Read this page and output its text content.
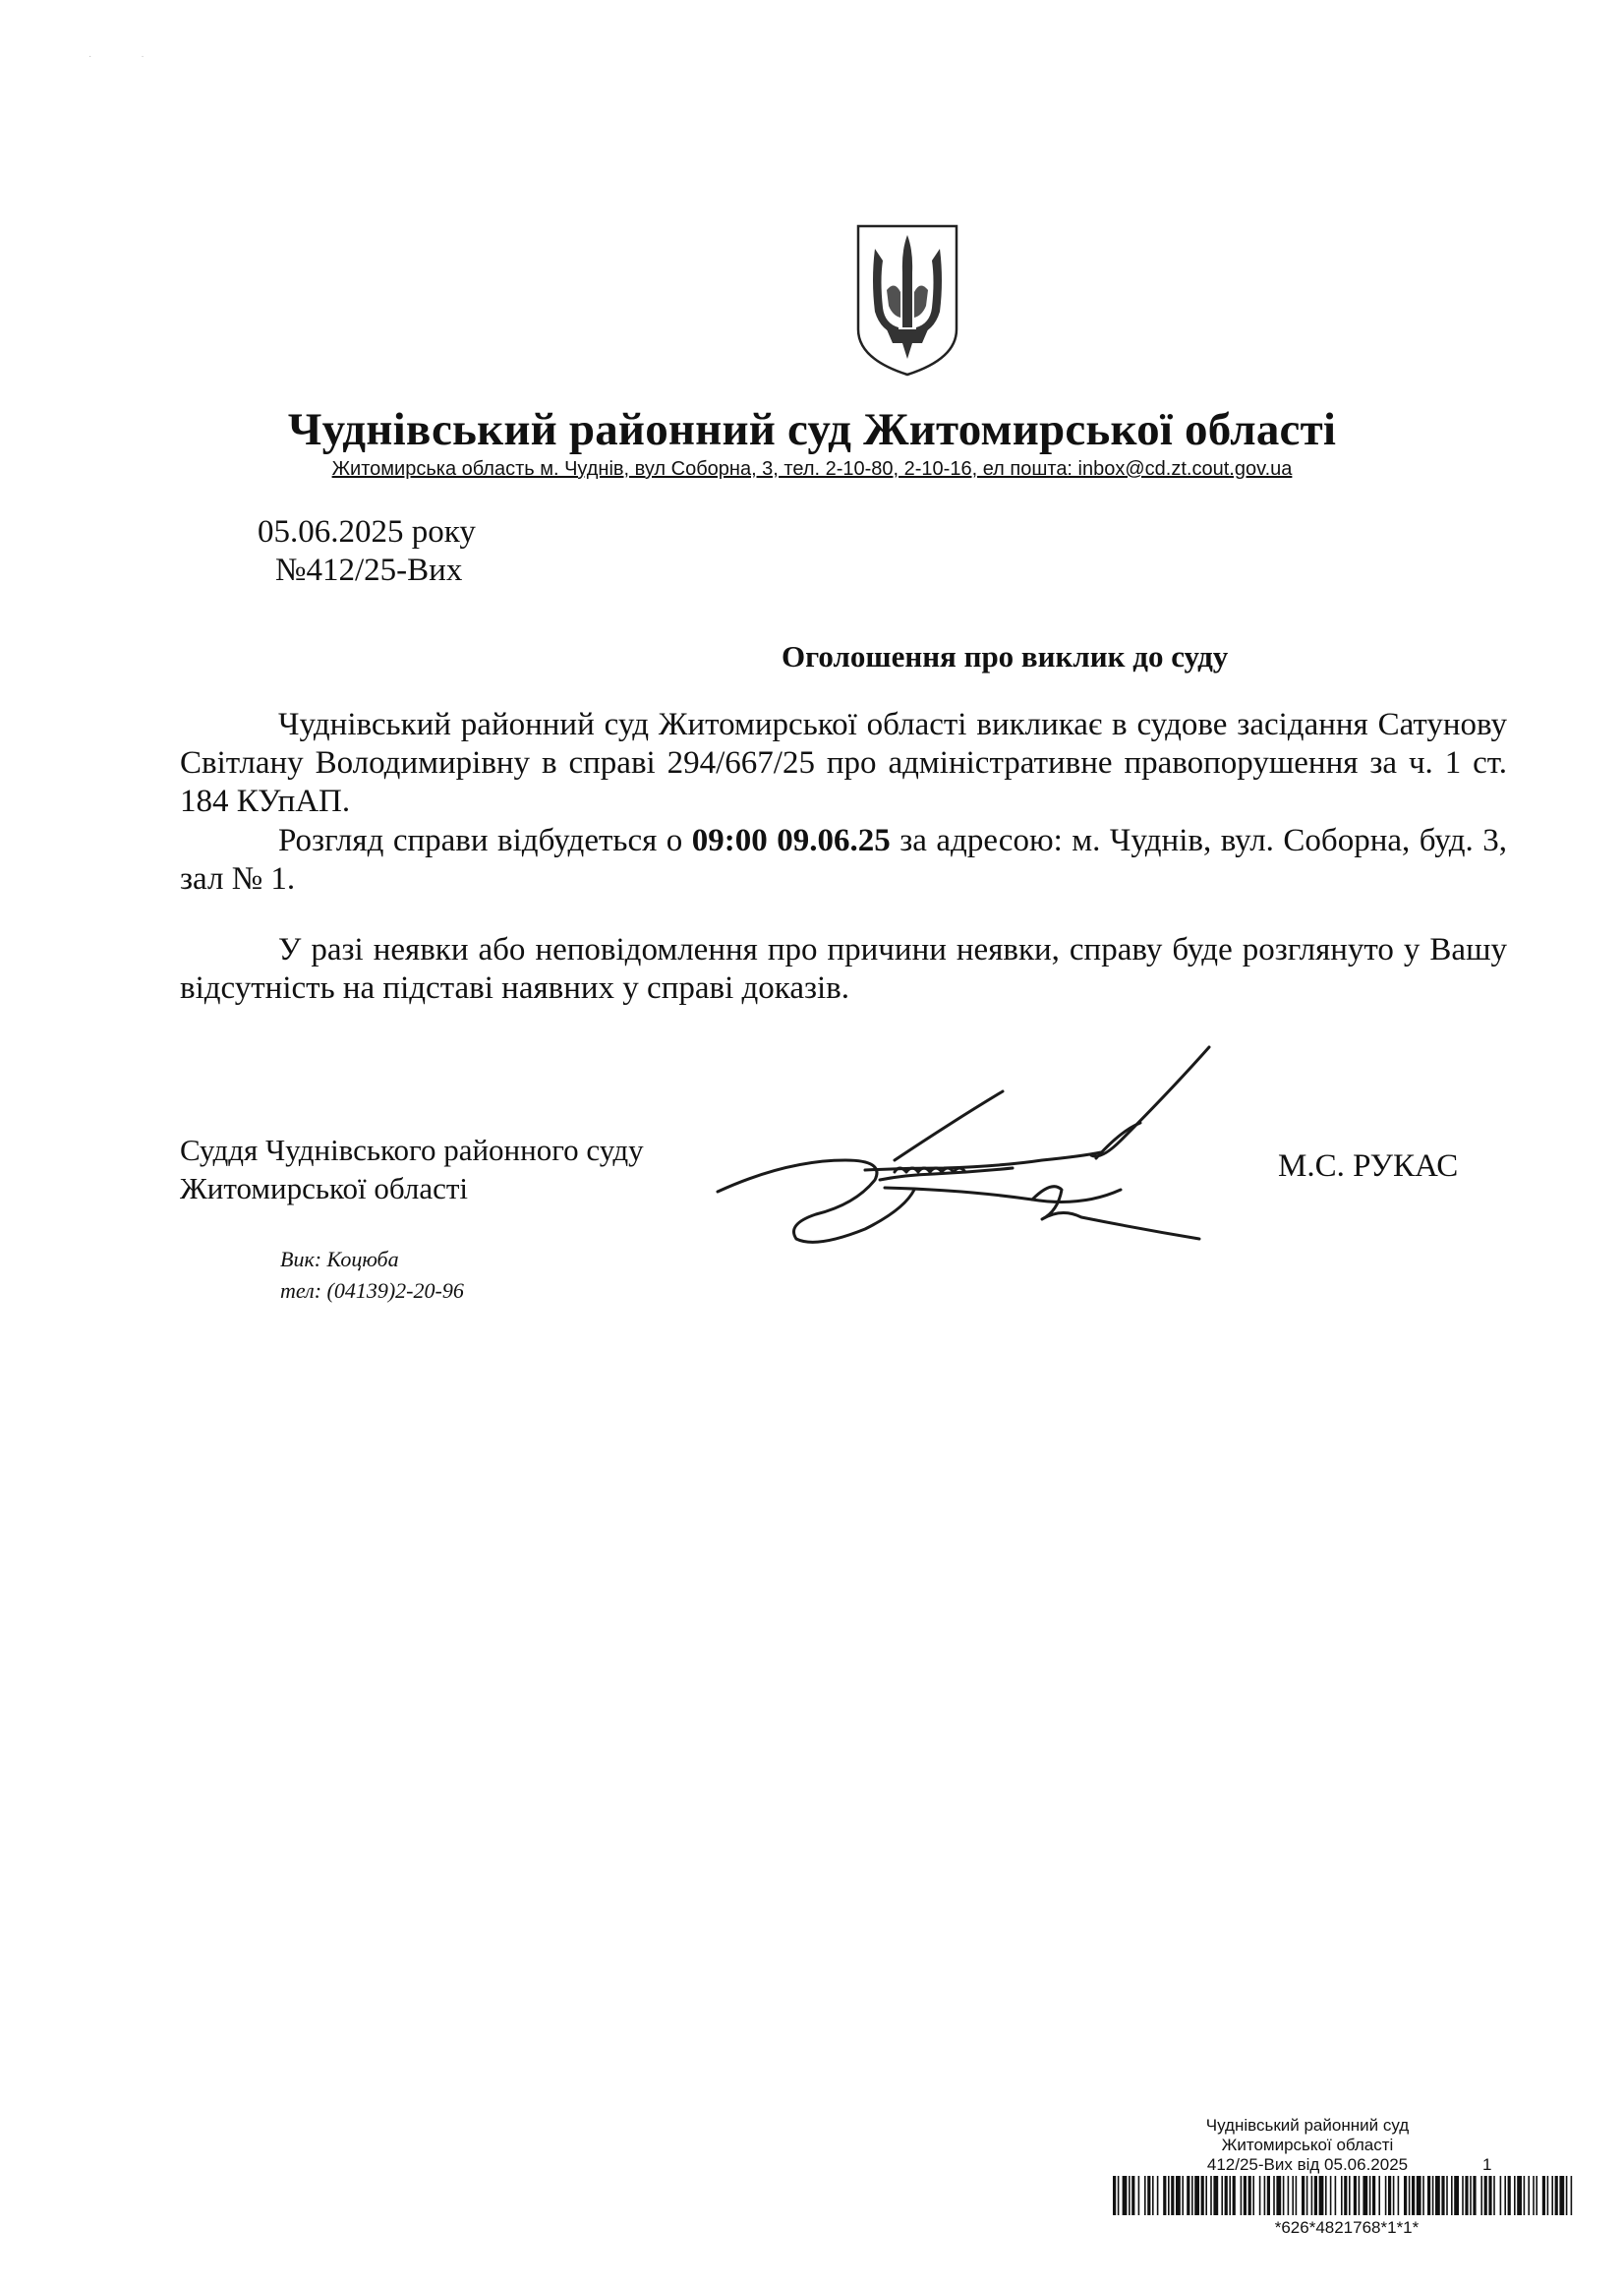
·                  ·
Чуднівський районний суд Житомирської області
Житомирська область м. Чуднів, вул Соборна, 3, тел. 2-10-80, 2-10-16, ел пошта: inbox@cd.zt.cout.gov.ua
05.06.2025 року
№412/25-Вих
Оголошення про виклик до суду
Чуднівський районний суд Житомирської області викликає в судове засідання Сатунову Світлану Володимирівну в справі 294/667/25 про адміністративне правопорушення за ч. 1 ст. 184 КУпАП.
Розгляд справи відбудеться о 09:00 09.06.25 за адресою: м. Чуднів, вул. Соборна, буд. 3, зал № 1.
У разі неявки або неповідомлення про причини неявки, справу буде розглянуто у Вашу відсутність на підставі наявних у справі доказів.
Суддя Чуднівського районного суду
Житомирської області
М.С. РУКАС
Вик: Коцюба
тел: (04139)2-20-96
Чуднівський районний суд
Житомирської області
412/25-Вих від 05.06.2025	1
*626*4821768*1*1*
